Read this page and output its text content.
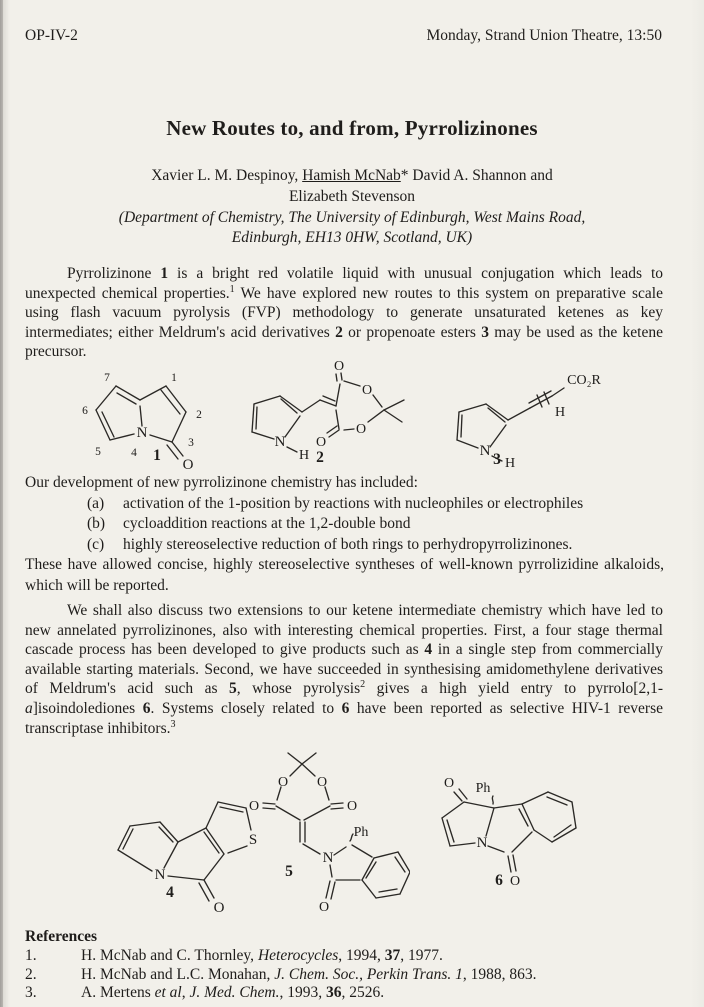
OP-IV-2	Monday, Strand Union Theatre, 13:50
New Routes to, and from, Pyrrolizinones
Xavier L. M. Despinoy, Hamish McNab* David A. Shannon and
Elizabeth Stevenson
(Department of Chemistry, The University of Edinburgh, West Mains Road,
Edinburgh, EH13 0HW, Scotland, UK)

Pyrrolizinone 1 is a bright red volatile liquid with unusual conjugation which leads to unexpected chemical properties.$^1$ We have explored new routes to this system on preparative scale using flash vacuum pyrolysis (FVP) methodology to generate unsaturated ketenes as key intermediates; either Meldrum's acid derivatives 2 or propenoate esters 3 may be used as the ketene precursor.

N
O
7	1
6	2
5	4
3
1
N
H
O
O
O
O
2	N
H
CO₂R
H
3
Our development of new pyrrolizinone chemistry has included:
(a)	activation of the 1-position by reactions with nucleophiles or electrophiles
(b)	cycloaddition reactions at the 1,2-double bond
(c)	highly stereoselective reduction of both rings to perhydropyrrolizinones.
These have allowed concise, highly stereoselective syntheses of well-known pyrrolizidine alkaloids, which will be reported.

We shall also discuss two extensions to our ketene intermediate chemistry which have led to new annelated pyrrolizinones, also with interesting chemical properties. First, a four stage thermal cascade process has been developed to give products such as 4 in a single step from commercially available starting materials. Second, we have succeeded in synthesising amidomethylene derivatives of Meldrum's acid such as 5, whose pyrolysis$^2$ gives a high yield entry to pyrrolo[2,1-a]isoindolediones 6. Systems closely related to 6 have been reported as selective HIV-1 reverse transcriptase inhibitors.$^3$

N
S
O
4
O O
O	O
N
Ph
O
5
O Ph
N
O
6
References
1.	H. McNab and C. Thornley, Heterocycles, 1994, 37, 1977.
2.	H. McNab and L.C. Monahan, J. Chem. Soc., Perkin Trans. 1, 1988, 863.
3.	A. Mertens et al, J. Med. Chem., 1993, 36, 2526.
